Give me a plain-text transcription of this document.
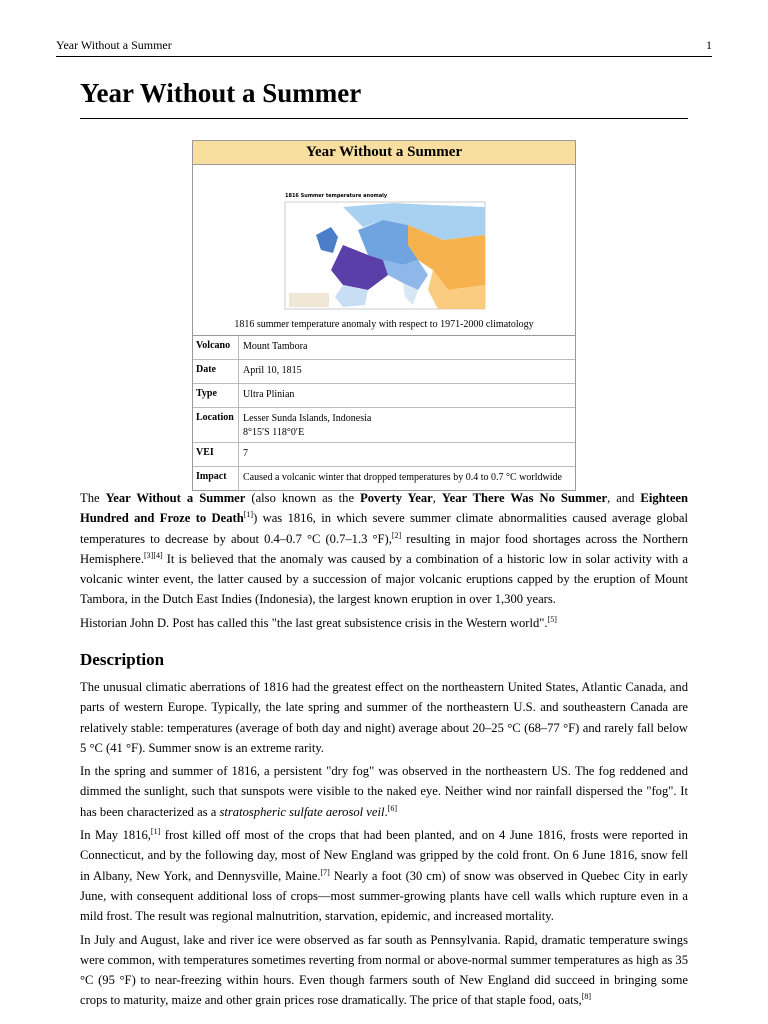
Year Without a Summer	1
Year Without a Summer
Year Without a Summer
1816 Summer temperature anomaly
1816 summer temperature anomaly with respect to 1971-2000 climatology
Volcano	Mount Tambora
Date	April 10, 1815
Type	Ultra Plinian
Location Lesser Sunda Islands, Indonesia
8°15′S 118°0′E
VEI	7
Impact	Caused a volcanic winter that dropped temperatures by 0.4 to 0.7 °C worldwide

The Year Without a Summer (also known as the Poverty Year, Year There Was No Summer, and Eighteen Hundred and Froze to Death[1]) was 1816, in which severe summer climate abnormalities caused average global temperatures to decrease by about 0.4–0.7 °C (0.7–1.3 °F),[2] resulting in major food shortages across the Northern Hemisphere.[3][4] It is believed that the anomaly was caused by a combination of a historic low in solar activity with a volcanic winter event, the latter caused by a succession of major volcanic eruptions capped by the eruption of Mount Tambora, in the Dutch East Indies (Indonesia), the largest known eruption in over 1,300 years.

Historian John D. Post has called this "the last great subsistence crisis in the Western world".[5]

Description

The unusual climatic aberrations of 1816 had the greatest effect on the northeastern United States, Atlantic Canada, and parts of western Europe. Typically, the late spring and summer of the northeastern U.S. and southeastern Canada are relatively stable: temperatures (average of both day and night) average about 20–25 °C (68–77 °F) and rarely fall below 5 °C (41 °F). Summer snow is an extreme rarity.

In the spring and summer of 1816, a persistent "dry fog" was observed in the northeastern US. The fog reddened and dimmed the sunlight, such that sunspots were visible to the naked eye. Neither wind nor rainfall dispersed the "fog". It has been characterized as a stratospheric sulfate aerosol veil.[6]

In May 1816,[1] frost killed off most of the crops that had been planted, and on 4 June 1816, frosts were reported in Connecticut, and by the following day, most of New England was gripped by the cold front. On 6 June 1816, snow fell in Albany, New York, and Dennysville, Maine.[7] Nearly a foot (30 cm) of snow was observed in Quebec City in early June, with consequent additional loss of crops—most summer-growing plants have cell walls which rupture even in a mild frost. The result was regional malnutrition, starvation, epidemic, and increased mortality.

In July and August, lake and river ice were observed as far south as Pennsylvania. Rapid, dramatic temperature swings were common, with temperatures sometimes reverting from normal or above-normal summer temperatures as high as 35 °C (95 °F) to near-freezing within hours. Even though farmers south of New England did succeed in bringing some crops to maturity, maize and other grain prices rose dramatically. The price of that staple food, oats,[8]
